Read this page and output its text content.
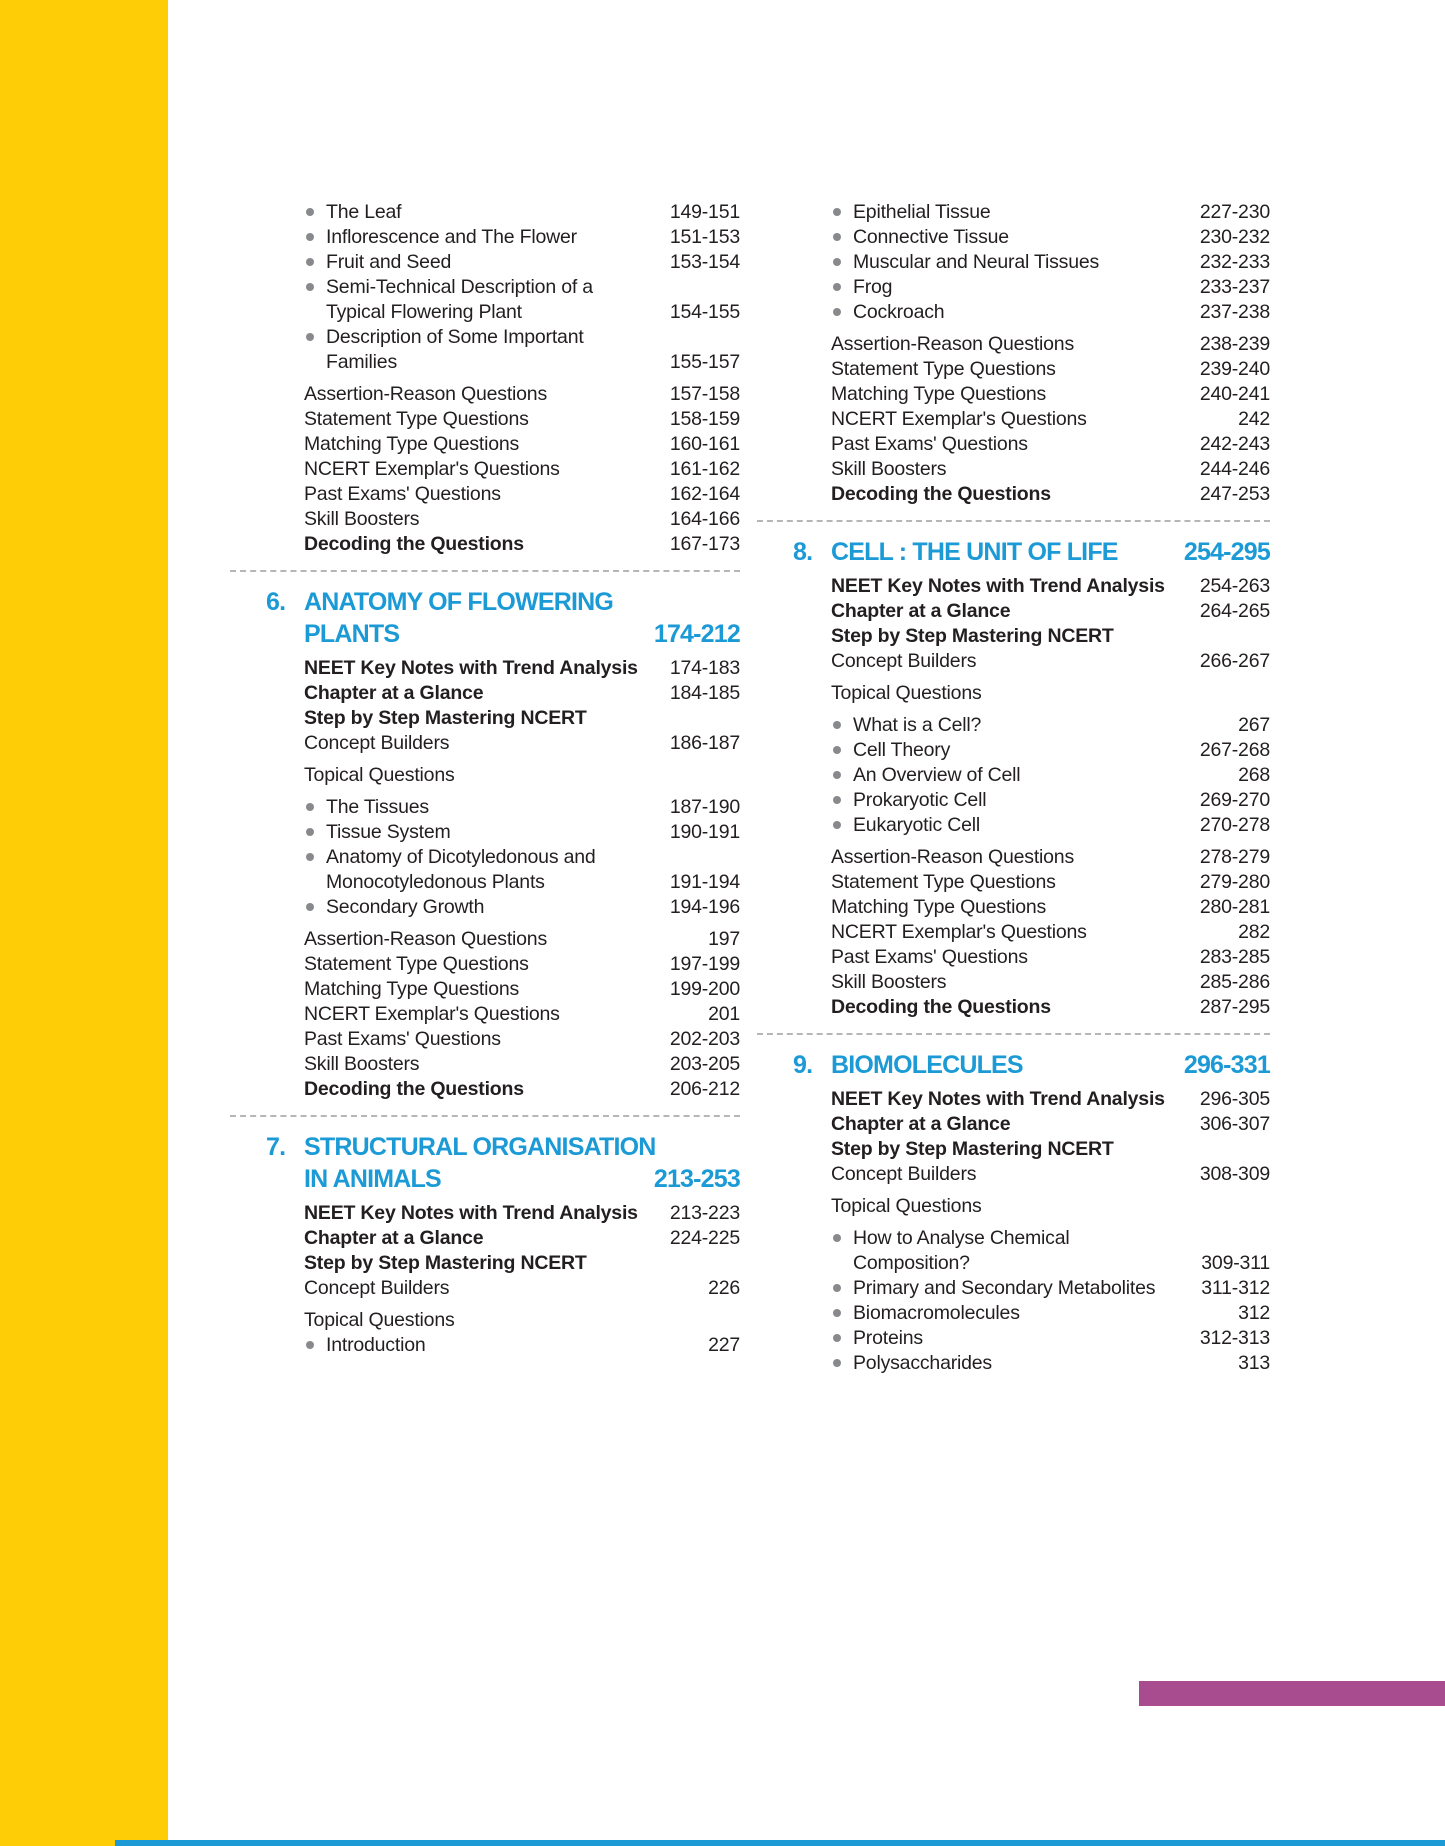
The Leaf	149-151
Inflorescence and The Flower	151-153
Fruit and Seed	153-154
Semi-Technical Description of a
Typical Flowering Plant	154-155
Description of Some Important
Families	155-157
Assertion-Reason Questions	157-158
Statement Type Questions	158-159
Matching Type Questions	160-161
NCERT Exemplar's Questions	161-162
Past Exams' Questions	162-164
Skill Boosters	164-166
Decoding the Questions	167-173
6. ANATOMY OF FLOWERING
PLANTS	174-212
NEET Key Notes with Trend Analysis	174-183
Chapter at a Glance	184-185
Step by Step Mastering NCERT
Concept Builders	186-187
Topical Questions
The Tissues	187-190
Tissue System	190-191
Anatomy of Dicotyledonous and
Monocotyledonous Plants	191-194
Secondary Growth	194-196
Assertion-Reason Questions	197
Statement Type Questions	197-199
Matching Type Questions	199-200
NCERT Exemplar's Questions	201
Past Exams' Questions	202-203
Skill Boosters	203-205
Decoding the Questions	206-212
7. STRUCTURAL ORGANISATION
IN ANIMALS	213-253
NEET Key Notes with Trend Analysis	213-223
Chapter at a Glance	224-225
Step by Step Mastering NCERT
Concept Builders	226
Topical Questions
Introduction	227
Epithelial Tissue	227-230
Connective Tissue	230-232
Muscular and Neural Tissues	232-233
Frog	233-237
Cockroach	237-238
Assertion-Reason Questions	238-239
Statement Type Questions	239-240
Matching Type Questions	240-241
NCERT Exemplar's Questions	242
Past Exams' Questions	242-243
Skill Boosters	244-246
Decoding the Questions	247-253
8. CELL : THE UNIT OF LIFE	254-295
NEET Key Notes with Trend Analysis	254-263
Chapter at a Glance	264-265
Step by Step Mastering NCERT
Concept Builders	266-267
Topical Questions
What is a Cell?	267
Cell Theory	267-268
An Overview of Cell	268
Prokaryotic Cell	269-270
Eukaryotic Cell	270-278
Assertion-Reason Questions	278-279
Statement Type Questions	279-280
Matching Type Questions	280-281
NCERT Exemplar's Questions	282
Past Exams' Questions	283-285
Skill Boosters	285-286
Decoding the Questions	287-295
9. BIOMOLECULES	296-331
NEET Key Notes with Trend Analysis	296-305
Chapter at a Glance	306-307
Step by Step Mastering NCERT
Concept Builders	308-309
Topical Questions
How to Analyse Chemical
Composition?	309-311
Primary and Secondary Metabolites	311-312
Biomacromolecules	312
Proteins	312-313
Polysaccharides	313
